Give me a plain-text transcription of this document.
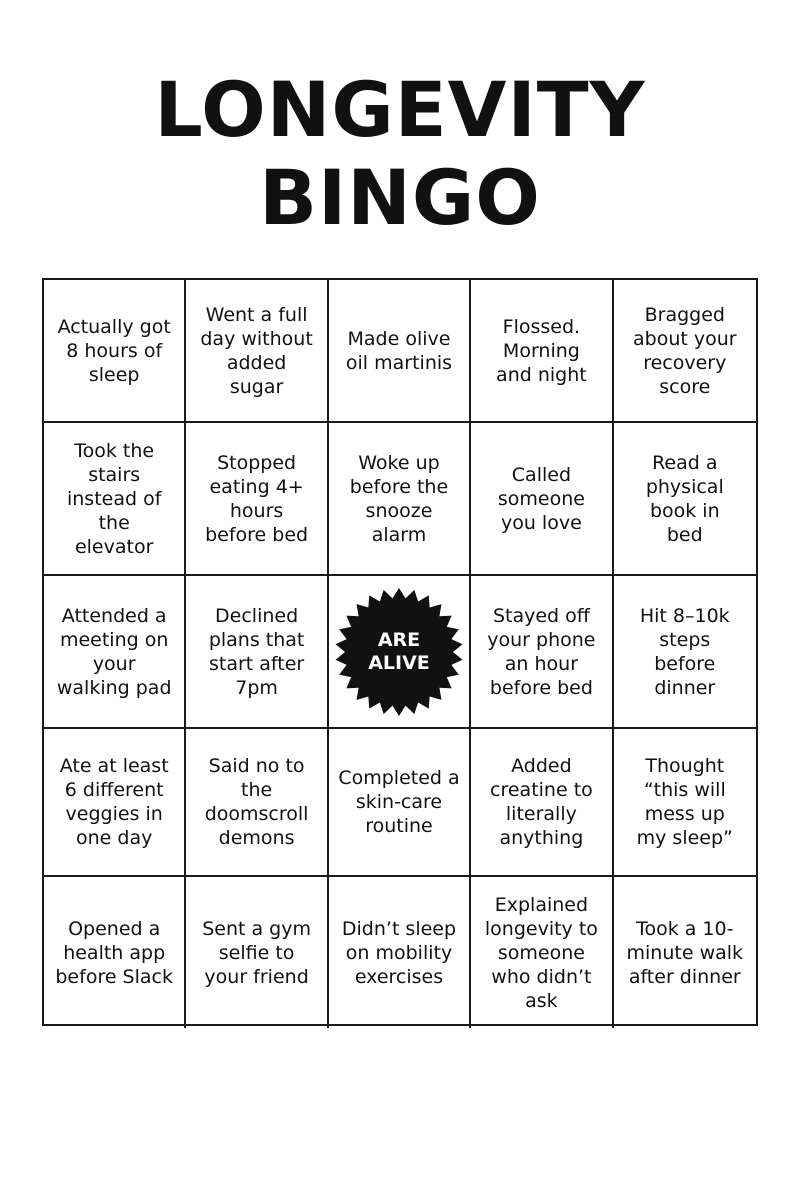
LONGEVITY
BINGO
Actually got 8 hours of sleep
Went a full day without added sugar
Made olive oil martinis
Flossed. Morning and night
Bragged about your recovery score
Took the stairs instead of the elevator
Stopped eating 4+ hours before bed
Woke up before the snooze alarm
Called someone you love
Read a physical book in bed
Attended a meeting on your walking pad
Declined plans that start after 7pm
ARE ALIVE
Stayed off your phone an hour before bed
Hit 8–10k steps before dinner
Ate at least 6 different veggies in one day
Said no to the doomscroll demons
Completed a skin-care routine
Added creatine to literally anything
Thought “this will mess up my sleep”
Opened a health app before Slack
Sent a gym selfie to your friend
Didn’t sleep on mobility exercises
Explained longevity to someone who didn’t ask
Took a 10-minute walk after dinner
